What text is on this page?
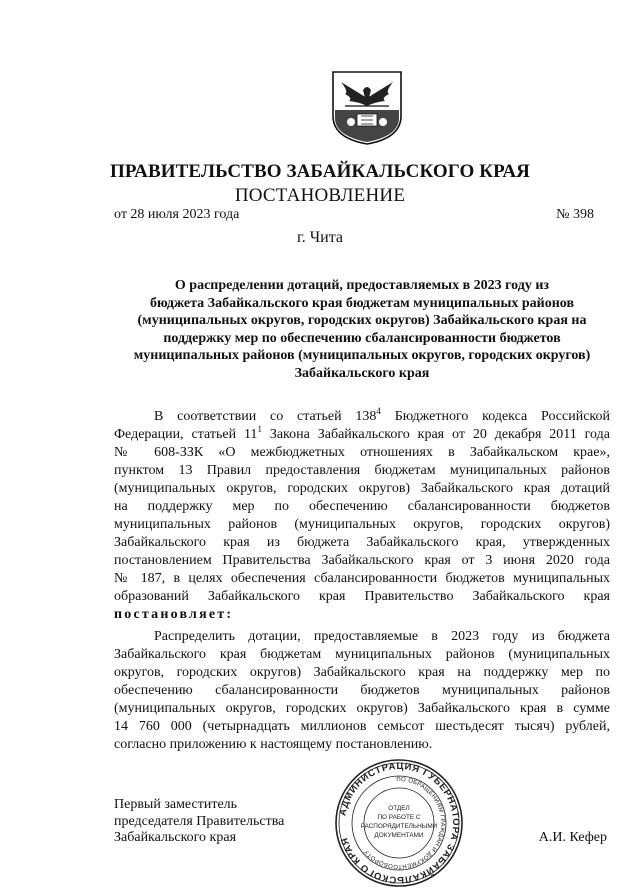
ПРАВИТЕЛЬСТВО ЗАБАЙКАЛЬСКОГО КРАЯ
ПОСТАНОВЛЕНИЕ
от 28 июля 2023 года	№ 398
г. Чита
О распределении дотаций, предоставляемых в 2023 году из
бюджета Забайкальского края бюджетам муниципальных районов
(муниципальных округов, городских округов) Забайкальского края на
поддержку мер по обеспечению сбалансированности бюджетов
муниципальных районов (муниципальных округов, городских округов)
Забайкальского края
В соответствии со статьей $138^4$ Бюджетного кодекса Российской
Федерации, статьей $11^1$ Закона Забайкальского края от 20 декабря 2011 года
№ 608-ЗЗК «О межбюджетных отношениях в Забайкальском крае»,
пунктом 13 Правил предоставления бюджетам муниципальных районов
(муниципальных округов, городских округов) Забайкальского края дотаций
на поддержку мер по обеспечению сбалансированности бюджетов
муниципальных районов (муниципальных округов, городских округов)
Забайкальского края из бюджета Забайкальского края, утвержденных
постановлением Правительства Забайкальского края от 3 июня 2020 года
№ 187, в целях обеспечения сбалансированности бюджетов муниципальных
образований Забайкальского края Правительство Забайкальского края
постановляет:
Распределить дотации, предоставляемые в 2023 году из бюджета
Забайкальского края бюджетам муниципальных районов (муниципальных
округов, городских округов) Забайкальского края на поддержку мер по
обеспечению сбалансированности бюджетов муниципальных районов
(муниципальных округов, городских округов) Забайкальского края в сумме
14 760 000 (четырнадцать миллионов семьсот шестьдесят тысяч) рублей,
согласно приложению к настоящему постановлению.
Первый заместитель
председателя Правительства
Забайкальского края	А.И. Кефер
АДМИНИСТРАЦИЯ ГУБЕРНАТОРА ЗАБАЙКАЛЬСКОГО КРАЯ
ПО ОБРАЩЕНИЯМ ГРАЖДАН И ДОКУМЕНТООБОРОТУ
ОТДЕЛ
ПО РАБОТЕ С
РАСПОРЯДИТЕЛЬНЫМИ
ДОКУМЕНТАМИ
